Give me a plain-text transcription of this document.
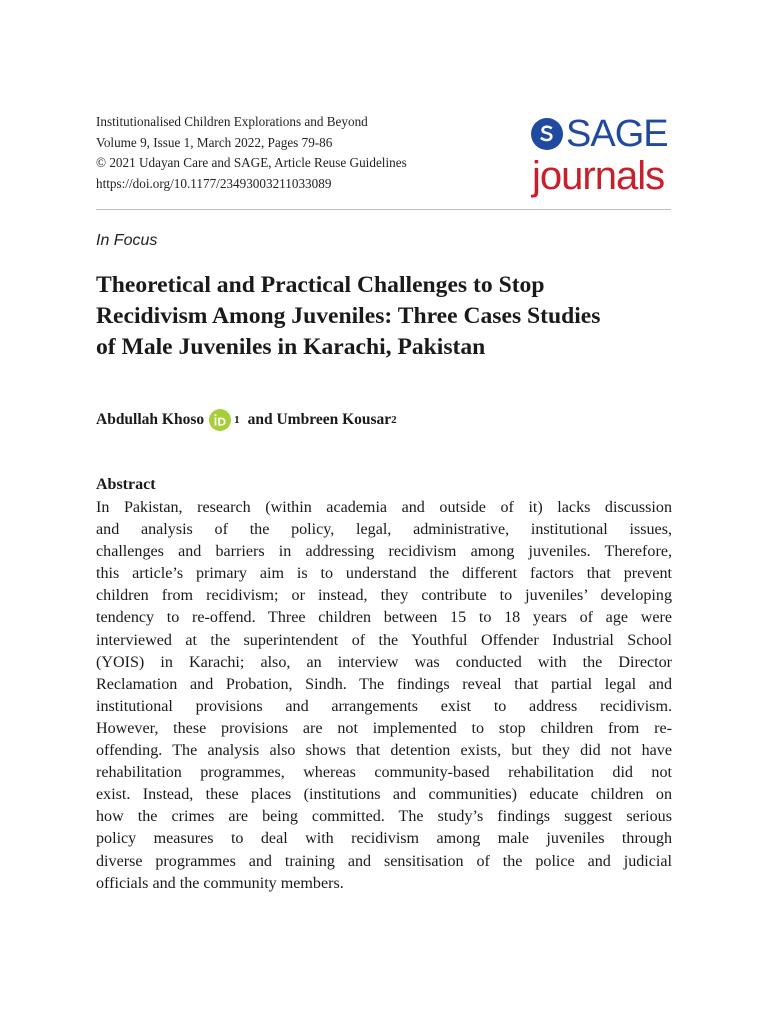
Institutionalised Children Explorations and Beyond
Volume 9, Issue 1, March 2022, Pages 79-86
© 2021 Udayan Care and SAGE, Article Reuse Guidelines
https://doi.org/10.1177/23493003211033089
SAGE
journals
In Focus
Theoretical and Practical Challenges to Stop
Recidivism Among Juveniles: Three Cases Studies
of Male Juveniles in Karachi, Pakistan
Abdullah Khoso	1 and Umbreen Kousar 2
Abstract
In Pakistan, research (within academia and outside of it) lacks discussion
and analysis of the policy, legal, administrative, institutional issues,
challenges and barriers in addressing recidivism among juveniles. Therefore,
this article’s primary aim is to understand the different factors that prevent
children from recidivism; or instead, they contribute to juveniles’ developing
tendency to re-offend. Three children between 15 to 18 years of age were
interviewed at the superintendent of the Youthful Offender Industrial School
(YOIS) in Karachi; also, an interview was conducted with the Director
Reclamation and Probation, Sindh. The findings reveal that partial legal and
institutional provisions and arrangements exist to address recidivism.
However, these provisions are not implemented to stop children from re-
offending. The analysis also shows that detention exists, but they did not have
rehabilitation programmes, whereas community-based rehabilitation did not
exist. Instead, these places (institutions and communities) educate children on
how the crimes are being committed. The study’s findings suggest serious
policy measures to deal with recidivism among male juveniles through
diverse programmes and training and sensitisation of the police and judicial
officials and the community members.
